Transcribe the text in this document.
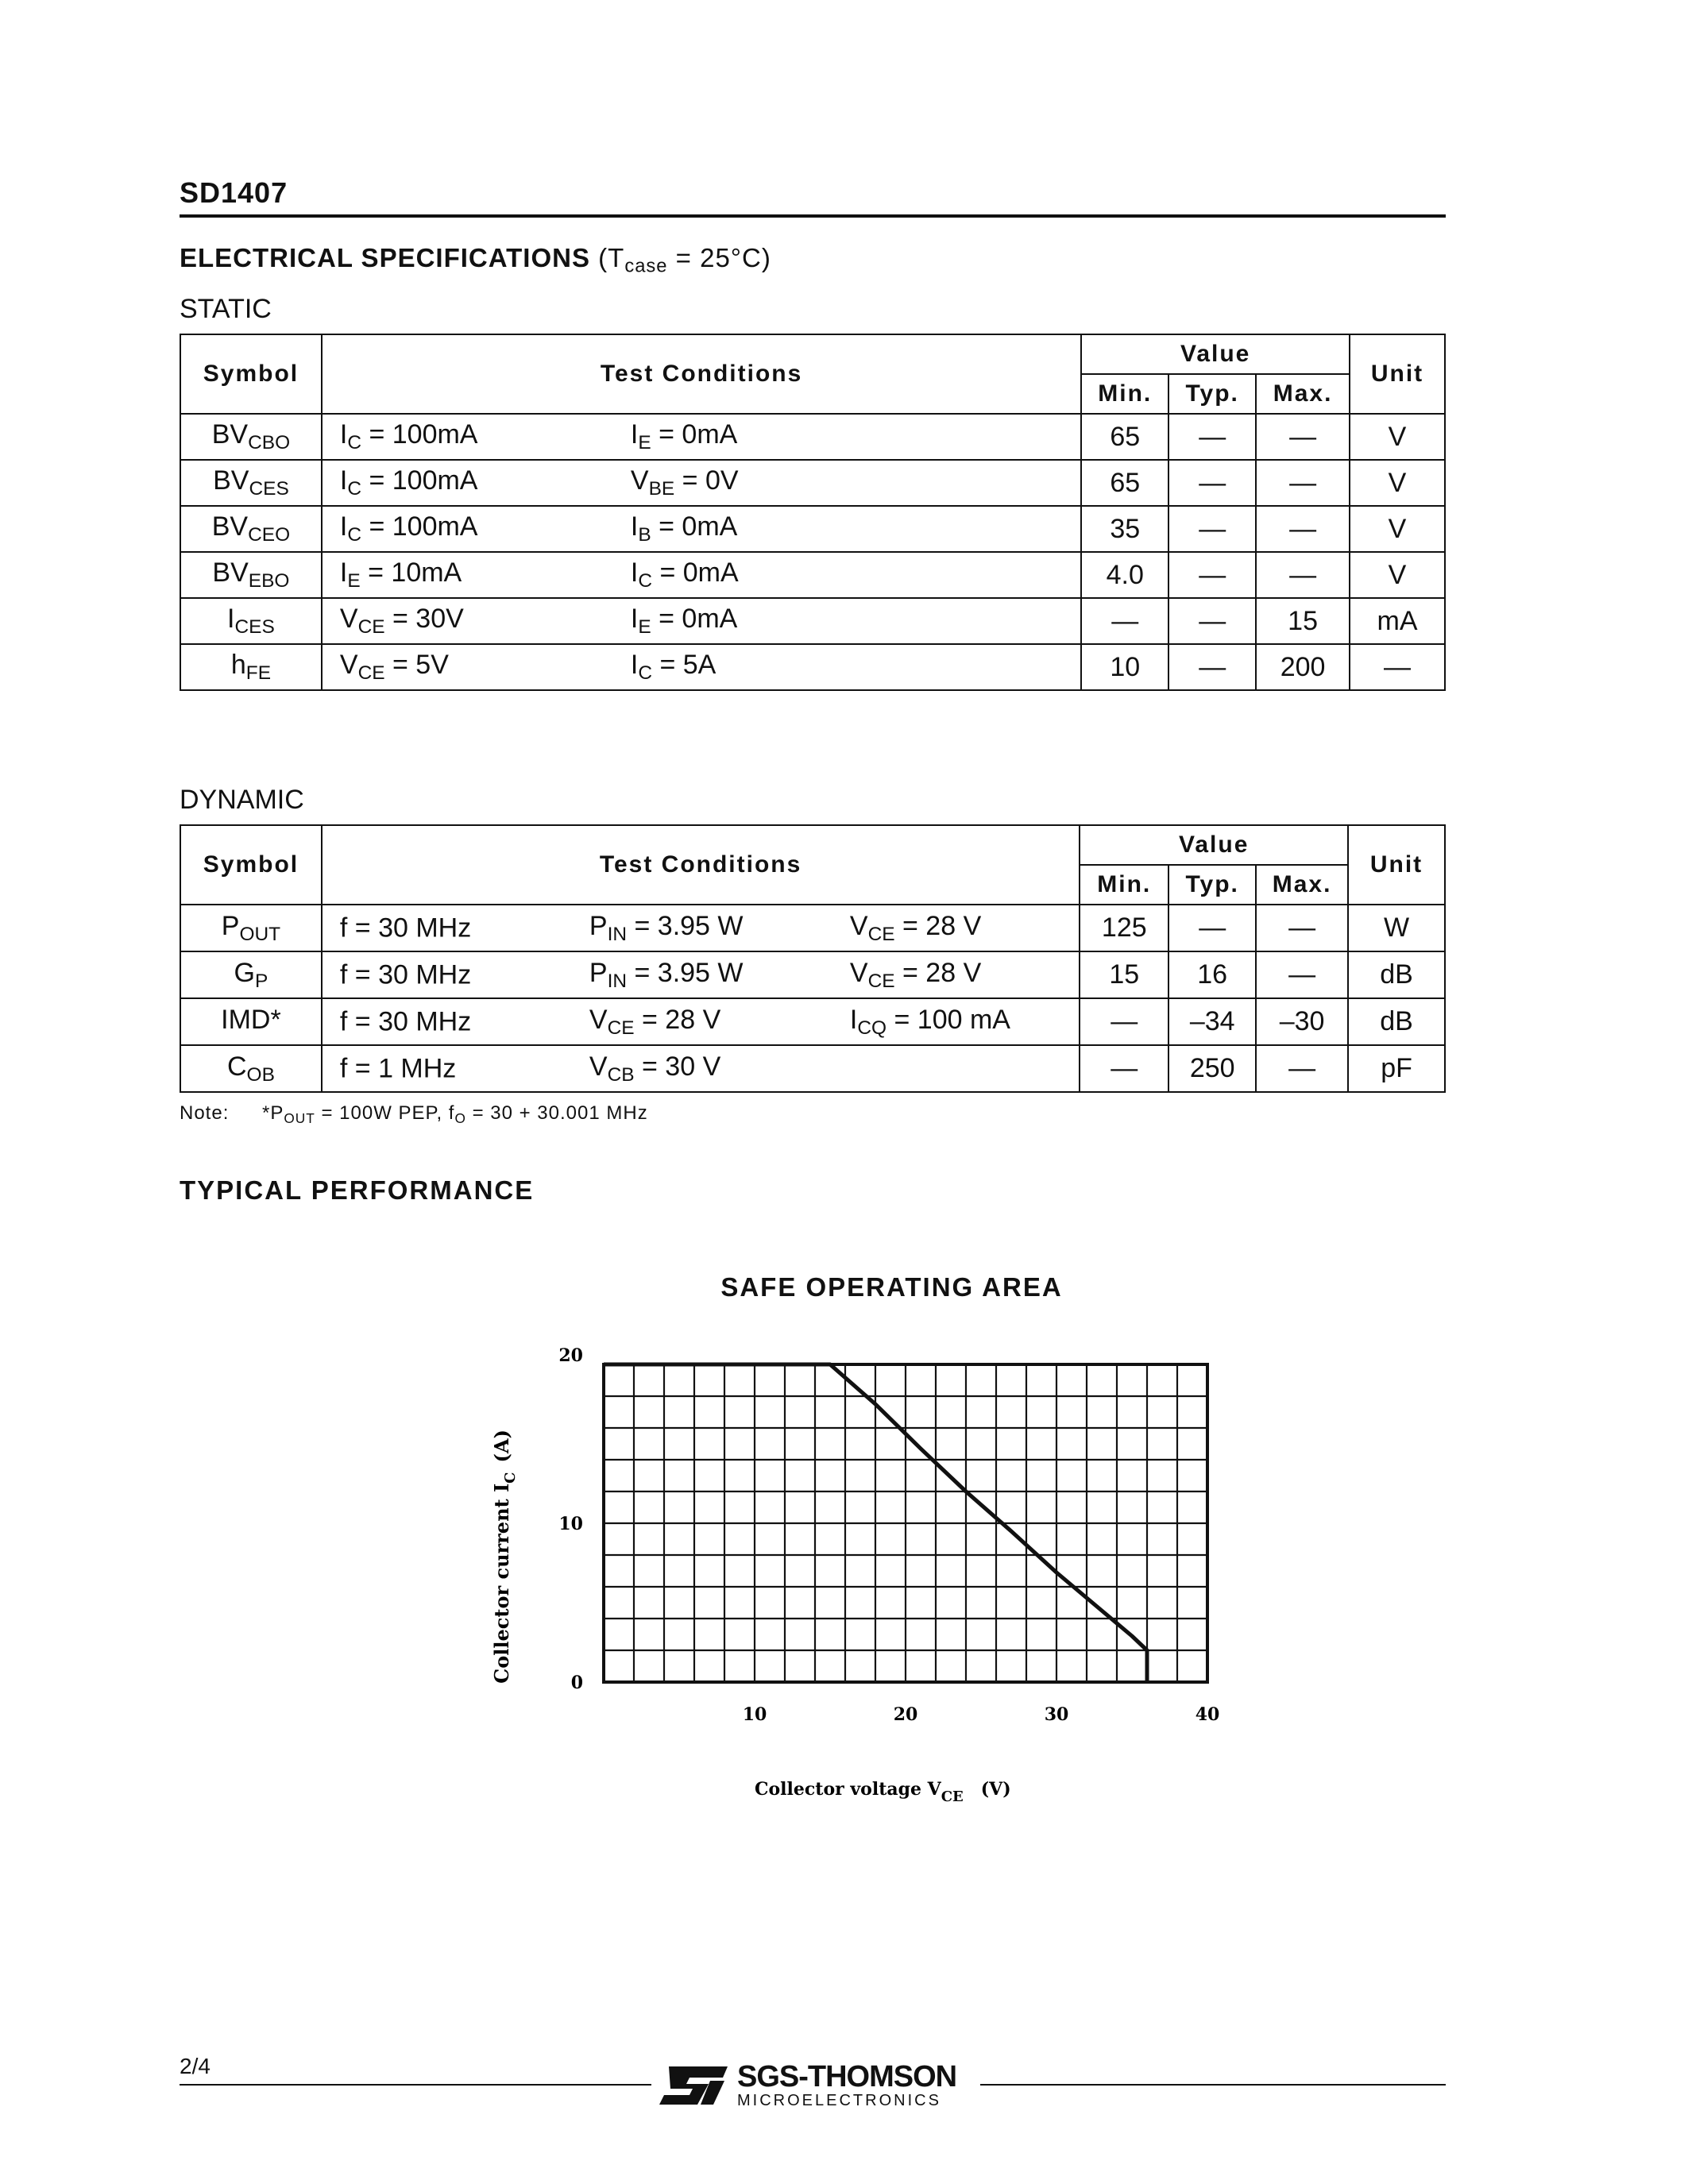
SD1407
ELECTRICAL SPECIFICATIONS $(T_{case} = 25^\circ C)$
STATIC
Symbol	Test Conditions	Value			Unit
		Min.	Typ.	Max.	
$BV_{CBO}$	$I_C = 100mA$ $I_E = 0mA$	65	—	—	V
$BV_{CES}$	$I_C = 100mA$ $V_{BE} = 0V$	65	—	—	V
$BV_{CEO}$	$I_C = 100mA$ $I_B = 0mA$	35	—	—	V
$BV_{EBO}$	$I_E = 10mA$ $I_C = 0mA$	4.0	—	—	V
$I_{CES}$	$V_{CE} = 30V$ $I_E = 0mA$	—	—	15	mA
$h_{FE}$	$V_{CE} = 5V$ $I_C = 5A$	10	—	200	—
DYNAMIC
Symbol	Test Conditions	Value			Unit
		Min.	Typ.	Max.	
$P_{OUT}$	f = 30 MHz $P_{IN} = 3.95$ W $V_{CE} = 28$ V	125	—	—	W
$G_P$	f = 30 MHz $P_{IN} = 3.95$ W $V_{CE} = 28$ V	15	16	—	dB
IMD*	f = 30 MHz $V_{CE} = 28$ V $I_{CQ} = 100$ mA	—	–34	–30	dB
$C_{OB}$	f = 1 MHz $V_{CB} = 30$ V	—	250	—	pF
Note: $*P_{OUT} = 100W$ PEP, $f_O = 30 + 30.001$ MHz
TYPICAL PERFORMANCE
SAFE OPERATING AREA
10	20	30	40
0
10
20
Collector current $I_C(A)$
Collector voltage $V_{CE}$ (V)
2/4	SGS-THOMSON
MICROELECTRONICS
